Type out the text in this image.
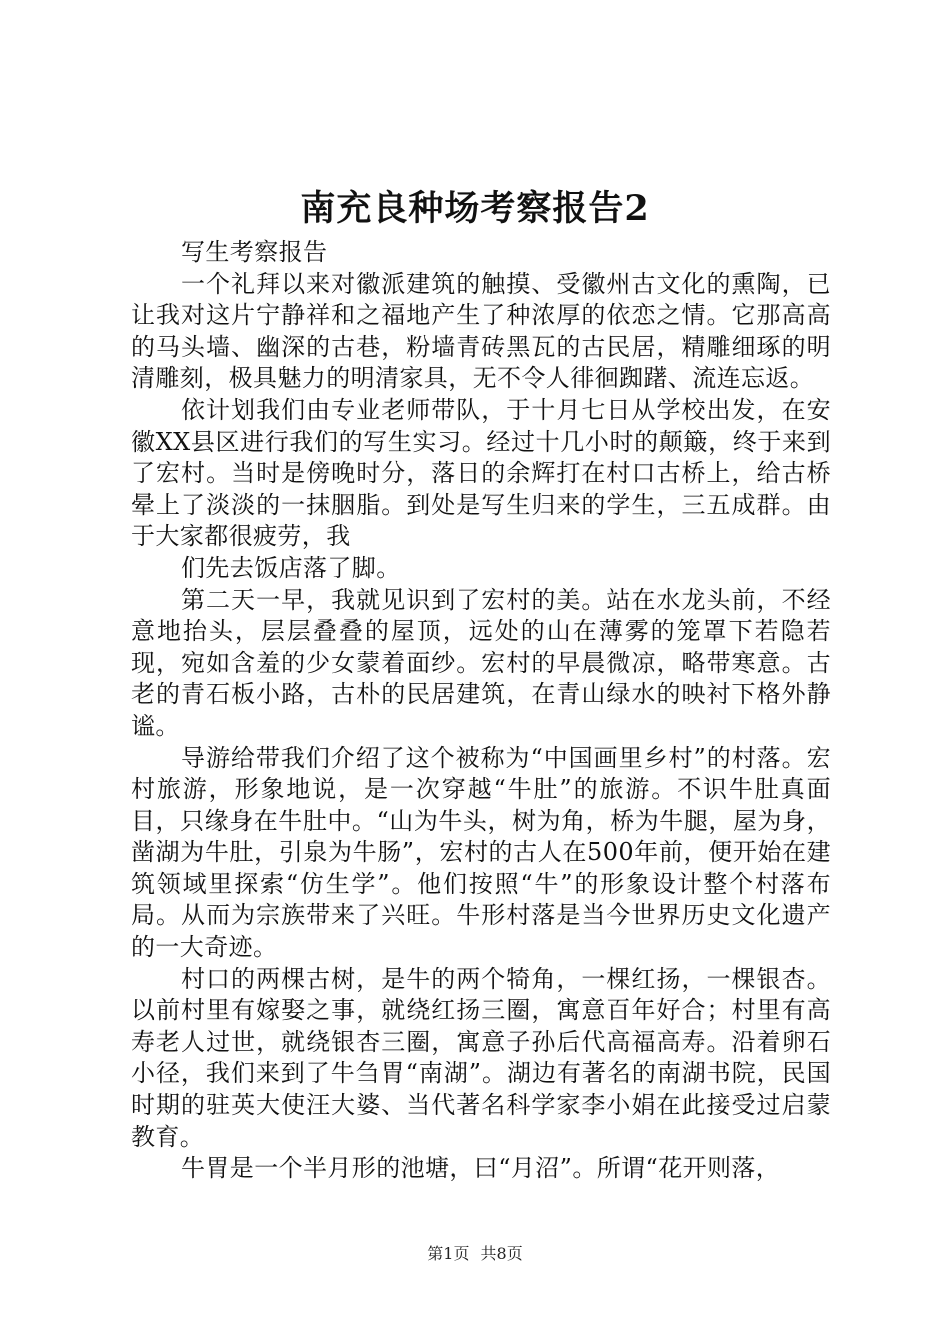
南充良种场考察报告2

写生考察报告

一个礼拜以来对徽派建筑的触摸、受徽州古文化的熏陶，已让我对这片宁静祥和之福地产生了种浓厚的依恋之情。它那高高的马头墙、幽深的古巷，粉墙青砖黑瓦的古民居，精雕细琢的明清雕刻，极具魅力的明清家具，无不令人徘徊踟躇、流连忘返。

依计划我们由专业老师带队，于十月七日从学校出发，在安徽XX县区进行我们的写生实习。经过十几小时的颠簸，终于来到了宏村。当时是傍晚时分，落日的余辉打在村口古桥上，给古桥晕上了淡淡的一抹胭脂。到处是写生归来的学生，三五成群。由于大家都很疲劳，我

们先去饭店落了脚。

第二天一早，我就见识到了宏村的美。站在水龙头前，不经意地抬头，层层叠叠的屋顶，远处的山在薄雾的笼罩下若隐若现，宛如含羞的少女蒙着面纱。宏村的早晨微凉，略带寒意。古老的青石板小路，古朴的民居建筑，在青山绿水的映衬下格外静谧。

导游给带我们介绍了这个被称为“中国画里乡村”的村落。宏村旅游，形象地说，是一次穿越“牛肚”的旅游。不识牛肚真面目，只缘身在牛肚中。“山为牛头，树为角，桥为牛腿，屋为身，凿湖为牛肚，引泉为牛肠”，宏村的古人在500年前，便开始在建筑领域里探索“仿生学”。他们按照“牛”的形象设计整个村落布局。从而为宗族带来了兴旺。牛形村落是当今世界历史文化遗产的一大奇迹。

村口的两棵古树，是牛的两个犄角，一棵红扬，一棵银杏。以前村里有嫁娶之事，就绕红扬三圈，寓意百年好合；村里有高寿老人过世，就绕银杏三圈，寓意子孙后代高福高寿。沿着卵石小径，我们来到了牛刍胃“南湖”。湖边有著名的南湖书院，民国时期的驻英大使汪大婆、当代著名科学家李小娟在此接受过启蒙教育。

牛胃是一个半月形的池塘，曰“月沼”。所谓“花开则落，

第1页 共8页
